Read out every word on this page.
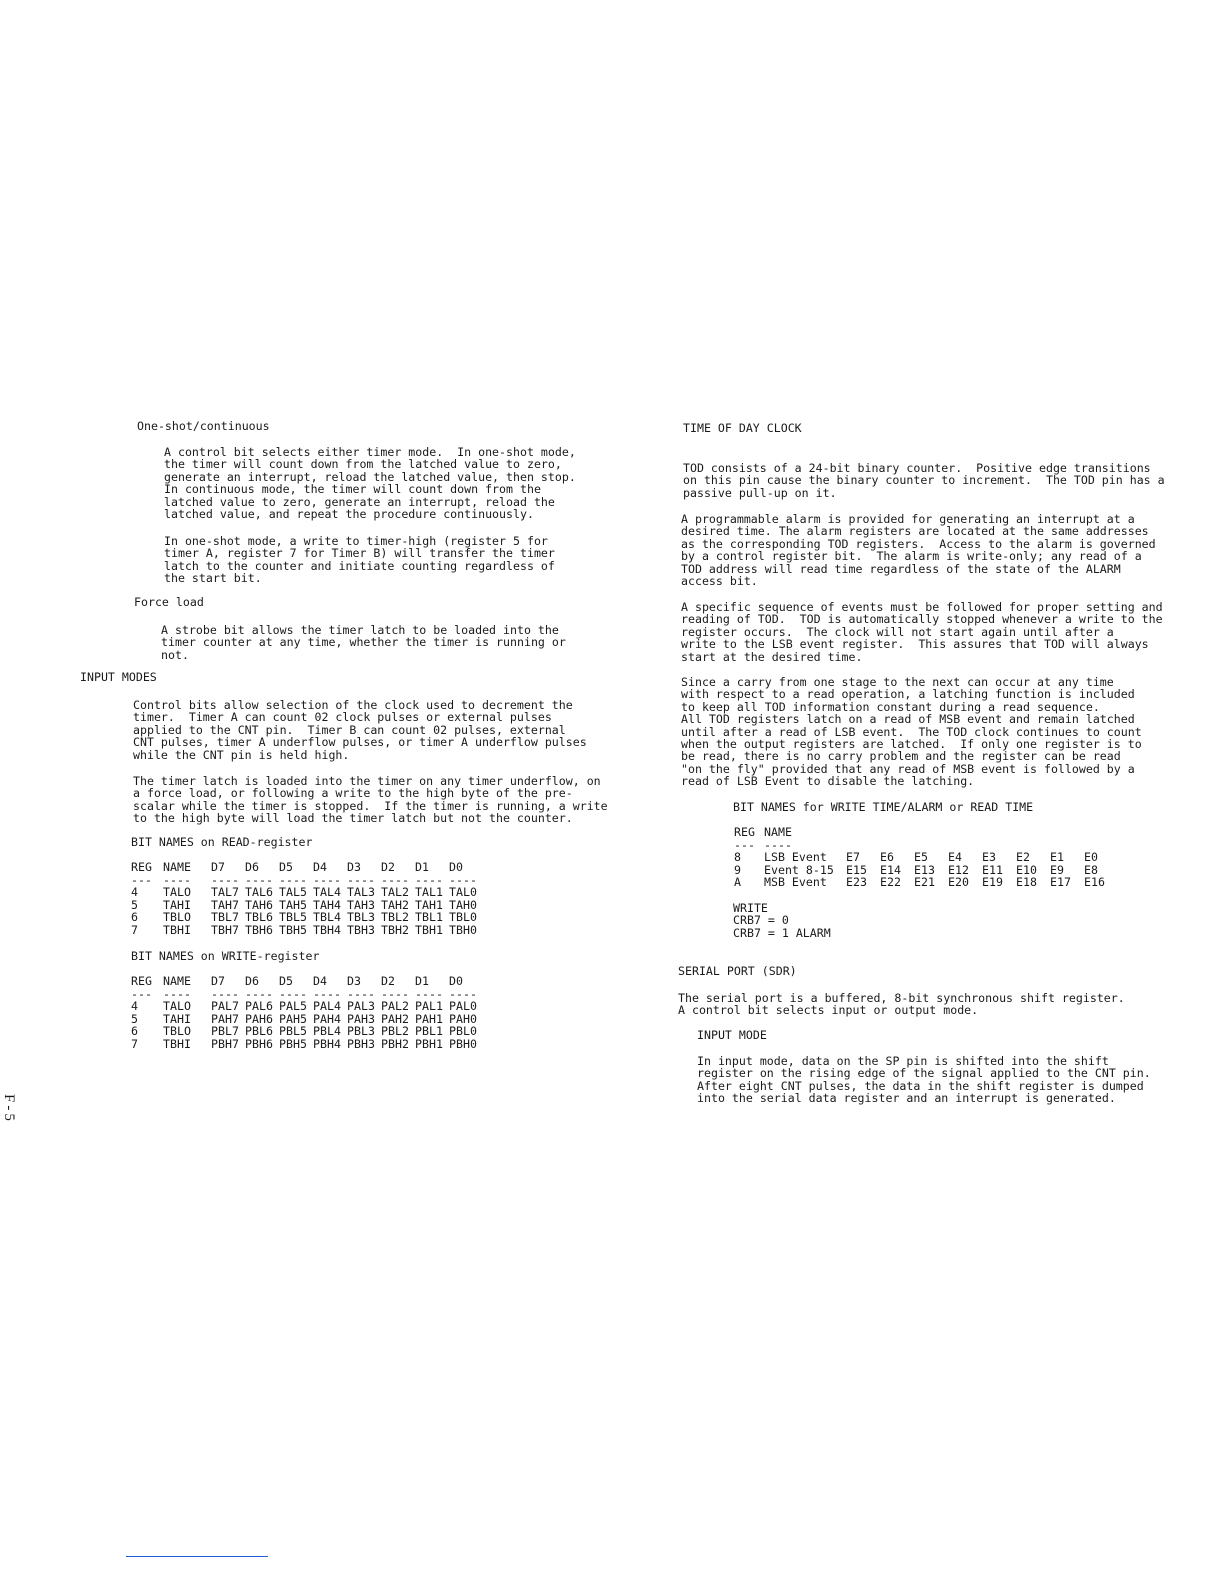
One-shot/continuous
A control bit selects either timer mode.  In one-shot mode,
the timer will count down from the latched value to zero,
generate an interrupt, reload the latched value, then stop.
In continuous mode, the timer will count down from the
latched value to zero, generate an interrupt, reload the
latched value, and repeat the procedure continuously.
In one-shot mode, a write to timer-high (register 5 for
timer A, register 7 for Timer B) will transfer the timer
latch to the counter and initiate counting regardless of
the start bit.
Force load
A strobe bit allows the timer latch to be loaded into the
timer counter at any time, whether the timer is running or
not.
INPUT MODES
Control bits allow selection of the clock used to decrement the
timer.  Timer A can count 02 clock pulses or external pulses
applied to the CNT pin.  Timer B can count 02 pulses, external
CNT pulses, timer A underflow pulses, or timer A underflow pulses
while the CNT pin is held high.
The timer latch is loaded into the timer on any timer underflow, on
a force load, or following a write to the high byte of the pre-
scalar while the timer is stopped.  If the timer is running, a write
to the high byte will load the timer latch but not the counter.
BIT NAMES on READ-register
REG NAME D7 D6 D5 D4 D3 D2 D1 D0
--- ---- ---- ---- ---- ---- ---- ---- ---- ----
4 TALO TAL7 TAL6 TAL5 TAL4 TAL3 TAL2 TAL1 TAL0
5 TAHI TAH7 TAH6 TAH5 TAH4 TAH3 TAH2 TAH1 TAH0
6 TBLO TBL7 TBL6 TBL5 TBL4 TBL3 TBL2 TBL1 TBL0
7 TBHI TBH7 TBH6 TBH5 TBH4 TBH3 TBH2 TBH1 TBH0
BIT NAMES on WRITE-register
REG NAME D7 D6 D5 D4 D3 D2 D1 D0
--- ---- ---- ---- ---- ---- ---- ---- ---- ----
4 TALO PAL7 PAL6 PAL5 PAL4 PAL3 PAL2 PAL1 PAL0
5 TAHI PAH7 PAH6 PAH5 PAH4 PAH3 PAH2 PAH1 PAH0
6 TBLO PBL7 PBL6 PBL5 PBL4 PBL3 PBL2 PBL1 PBL0
7 TBHI PBH7 PBH6 PBH5 PBH4 PBH3 PBH2 PBH1 PBH0
TIME OF DAY CLOCK
TOD consists of a 24-bit binary counter.  Positive edge transitions
on this pin cause the binary counter to increment.  The TOD pin has a
passive pull-up on it.
A programmable alarm is provided for generating an interrupt at a
desired time. The alarm registers are located at the same addresses
as the corresponding TOD registers.  Access to the alarm is governed
by a control register bit.  The alarm is write-only; any read of a
TOD address will read time regardless of the state of the ALARM
access bit.
A specific sequence of events must be followed for proper setting and
reading of TOD.  TOD is automatically stopped whenever a write to the
register occurs.  The clock will not start again until after a
write to the LSB event register.  This assures that TOD will always
start at the desired time.
Since a carry from one stage to the next can occur at any time
with respect to a read operation, a latching function is included
to keep all TOD information constant during a read sequence.
All TOD registers latch on a read of MSB event and remain latched
until after a read of LSB event.  The TOD clock continues to count
when the output registers are latched.  If only one register is to
be read, there is no carry problem and the register can be read
"on the fly" provided that any read of MSB event is followed by a
read of LSB Event to disable the latching.
BIT NAMES for WRITE TIME/ALARM or READ TIME
REG NAME
--- ----
8 LSB Event E7 E6 E5 E4 E3 E2 E1 E0
9 Event 8-15 E15 E14 E13 E12 E11 E10 E9 E8
A MSB Event E23 E22 E21 E20 E19 E18 E17 E16
WRITE
CRB7 = 0
CRB7 = 1 ALARM
SERIAL PORT (SDR)
The serial port is a buffered, 8-bit synchronous shift register.
A control bit selects input or output mode.
INPUT MODE
In input mode, data on the SP pin is shifted into the shift
register on the rising edge of the signal applied to the CNT pin.
After eight CNT pulses, the data in the shift register is dumped
into the serial data register and an interrupt is generated.
F-5
